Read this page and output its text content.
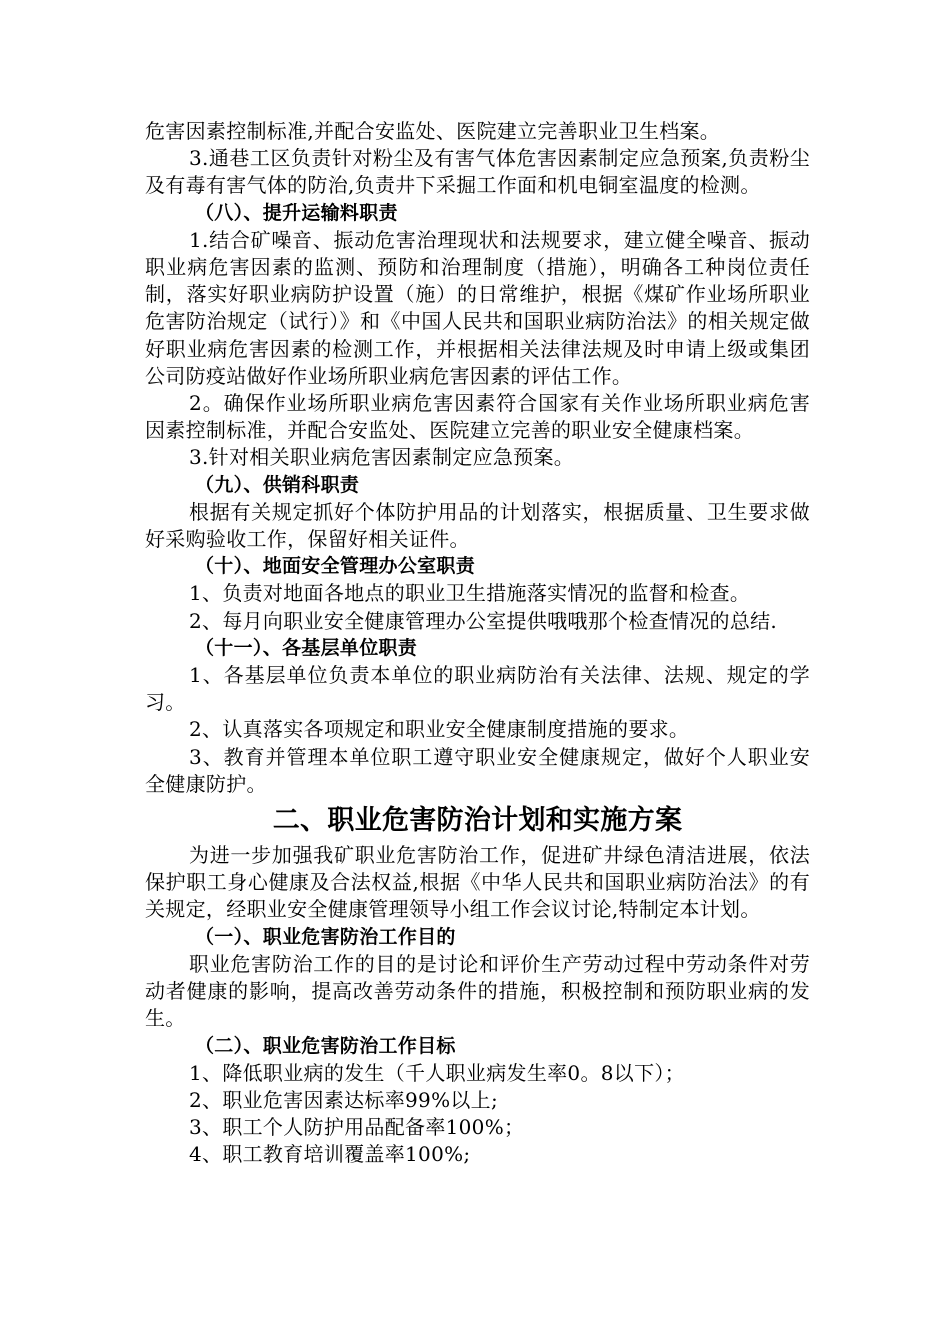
危害因素控制标准,并配合安监处、医院建立完善职业卫生档案。

3.通巷工区负责针对粉尘及有害气体危害因素制定应急预案,负责粉尘及有毒有害气体的防治,负责井下采掘工作面和机电铜室温度的检测。

（八）、提升运输料职责

1.结合矿噪音、振动危害治理现状和法规要求，建立健全噪音、振动职业病危害因素的监测、预防和治理制度（措施），明确各工种岗位责任制，落实好职业病防护设置（施）的日常维护，根据《煤矿作业场所职业危害防治规定（试行）》和《中国人民共和国职业病防治法》的相关规定做好职业病危害因素的检测工作，并根据相关法律法规及时申请上级或集团公司防疫站做好作业场所职业病危害因素的评估工作。

2。确保作业场所职业病危害因素符合国家有关作业场所职业病危害因素控制标准，并配合安监处、医院建立完善的职业安全健康档案。

3.针对相关职业病危害因素制定应急预案。

（九）、供销科职责

根据有关规定抓好个体防护用品的计划落实，根据质量、卫生要求做好采购验收工作，保留好相关证件。

（十）、地面安全管理办公室职责

1、负责对地面各地点的职业卫生措施落实情况的监督和检查。

2、每月向职业安全健康管理办公室提供哦哦那个检查情况的总结.

（十一）、各基层单位职责

1、各基层单位负责本单位的职业病防治有关法律、法规、规定的学习。

2、认真落实各项规定和职业安全健康制度措施的要求。

3、教育并管理本单位职工遵守职业安全健康规定，做好个人职业安全健康防护。

二、职业危害防治计划和实施方案

为进一步加强我矿职业危害防治工作，促进矿井绿色清洁进展，依法保护职工身心健康及合法权益,根据《中华人民共和国职业病防治法》的有关规定，经职业安全健康管理领导小组工作会议讨论,特制定本计划。

（一）、职业危害防治工作目的

职业危害防治工作的目的是讨论和评价生产劳动过程中劳动条件对劳动者健康的影响，提高改善劳动条件的措施，积极控制和预防职业病的发生。

（二）、职业危害防治工作目标

1、降低职业病的发生（千人职业病发生率0。8以下）；

2、职业危害因素达标率99%以上;

3、职工个人防护用品配备率100%；

4、职工教育培训覆盖率100%;
